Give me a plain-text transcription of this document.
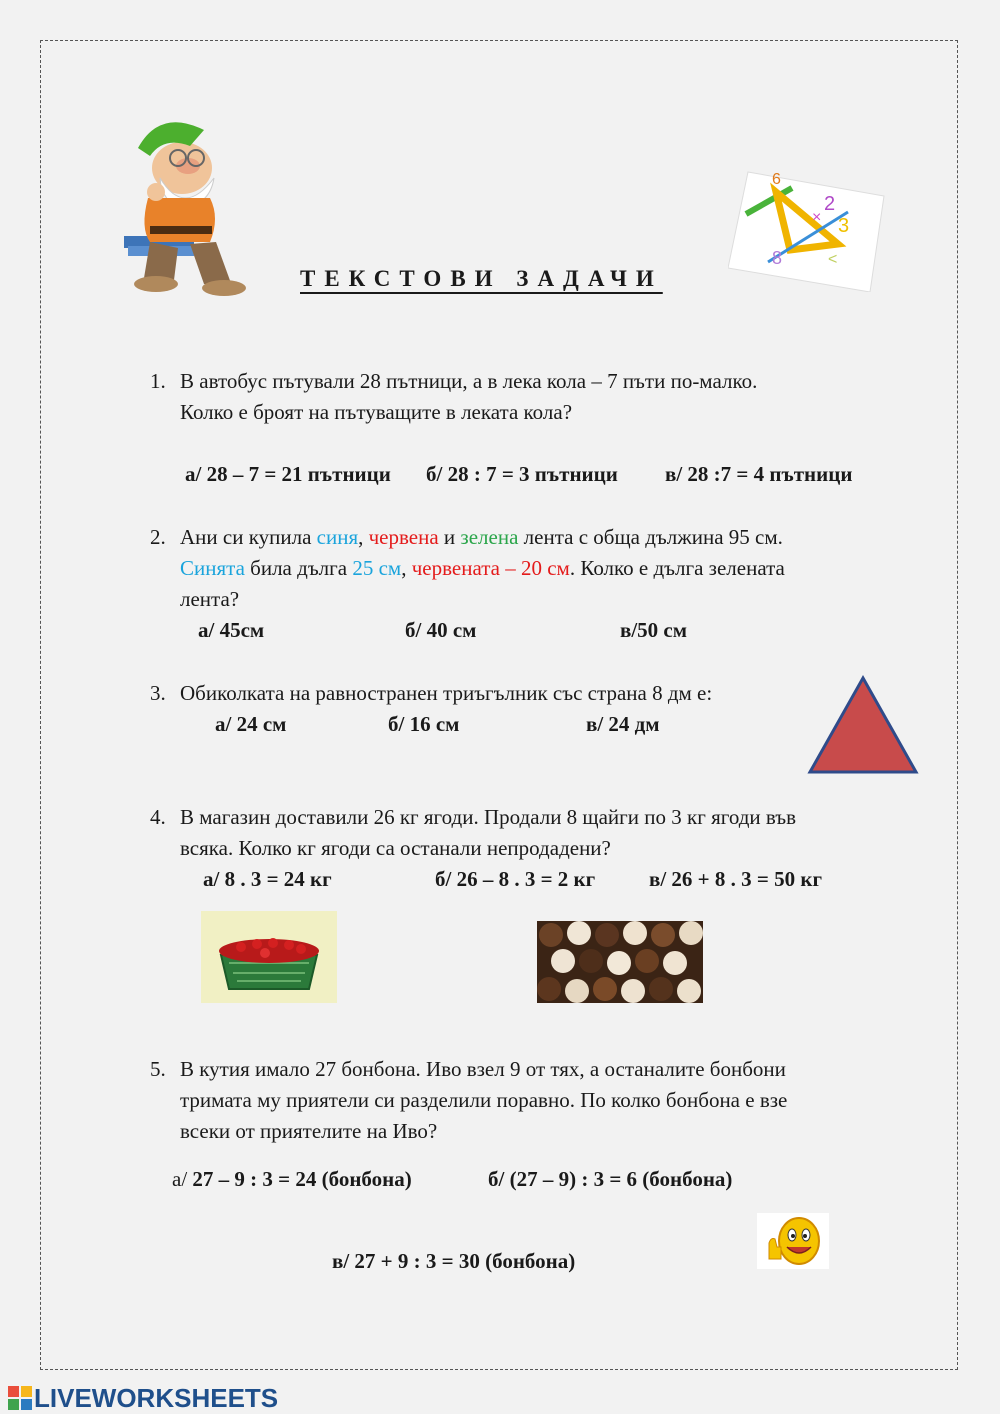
6
2
3
×
8	<
ТЕКСТОВИ ЗАДАЧИ
1. В автобус пътували 28 пътници, а в лека кола – 7 пъти по-малко.
Колко е броят на пътуващите в леката кола?
а/ 28 – 7 = 21 пътници б/ 28 : 7 = 3 пътници в/ 28 :7 = 4 пътници
2. Ани си купила синя, червена и зелена лента с обща дължина 95 см.
Синята била дълга 25 см, червената – 20 см. Колко е дълга зелената
лента?
а/ 45см	б/ 40 см	в/50 см
3. Обиколката на равностранен триъгълник със страна 8 дм е:
а/ 24 см	б/ 16 см	в/ 24 дм
4. В магазин доставили 26 кг ягоди. Продали 8 щайги по 3 кг ягоди във
всяка. Колко кг ягоди са останали непродадени?
а/ 8 . 3 = 24 кг	б/ 26 – 8 . 3 = 2 кг	в/ 26 + 8 . 3 = 50 кг
5. В кутия имало 27 бонбона. Иво взел 9 от тях, а останалите бонбони
тримата му приятели си разделили поравно. По колко бонбона е взе
всеки от приятелите на Иво?
а/ 27 – 9 : 3 = 24 (бонбона)	б/ (27 – 9) : 3 = 6 (бонбона)
в/ 27 + 9 : 3 = 30 (бонбона)
LIVEWORKSHEETS
